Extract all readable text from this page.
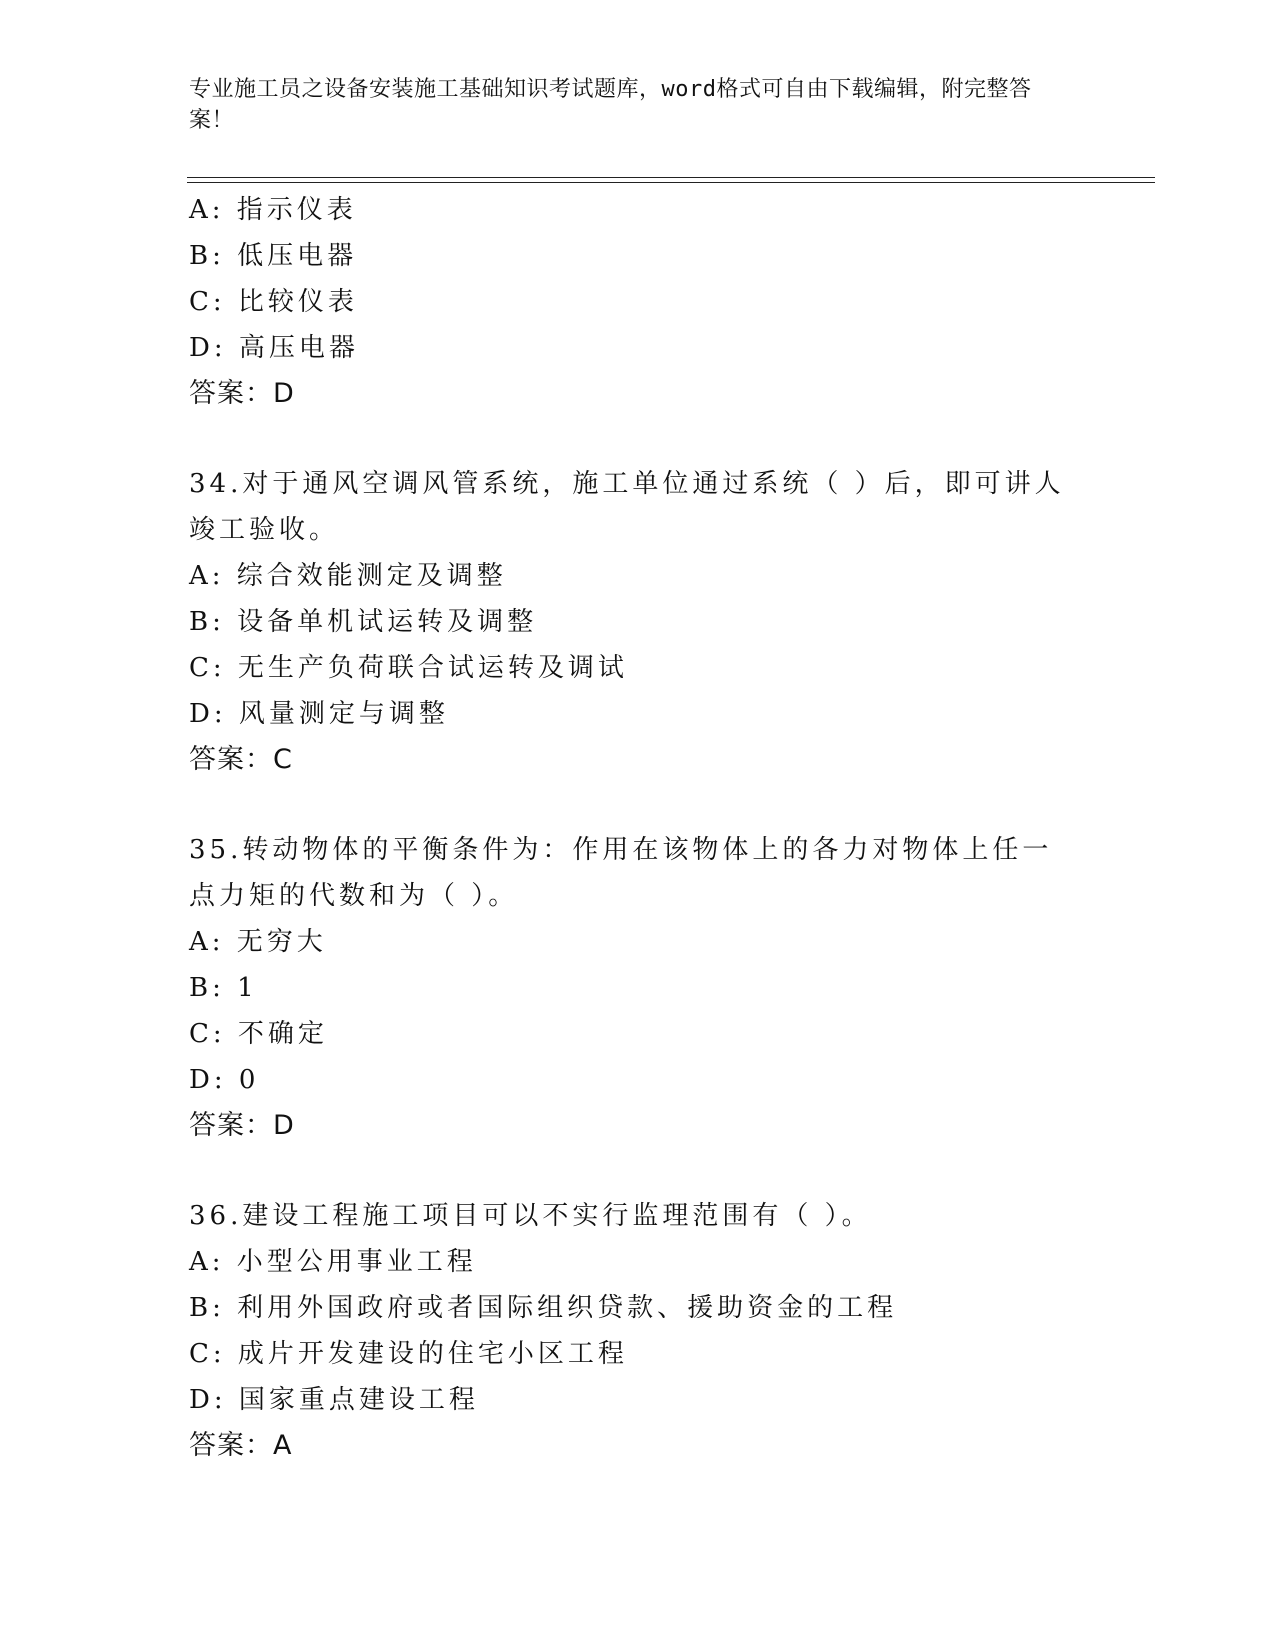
专业施工员之设备安装施工基础知识考试题库，word格式可自由下载编辑，附完整答案！
A: 指示仪表
B: 低压电器
C: 比较仪表
D: 高压电器
答案：D
34.对于通风空调风管系统，施工单位通过系统（ ）后，即可讲人竣工验收。
A: 综合效能测定及调整
B: 设备单机试运转及调整
C: 无生产负荷联合试运转及调试
D: 风量测定与调整
答案：C
35.转动物体的平衡条件为：作用在该物体上的各力对物体上任一点力矩的代数和为（ ）。
A: 无穷大
B: 1
C: 不确定
D: 0
答案：D
36.建设工程施工项目可以不实行监理范围有（ ）。
A: 小型公用事业工程
B: 利用外国政府或者国际组织贷款、援助资金的工程
C: 成片开发建设的住宅小区工程
D: 国家重点建设工程
答案：A
